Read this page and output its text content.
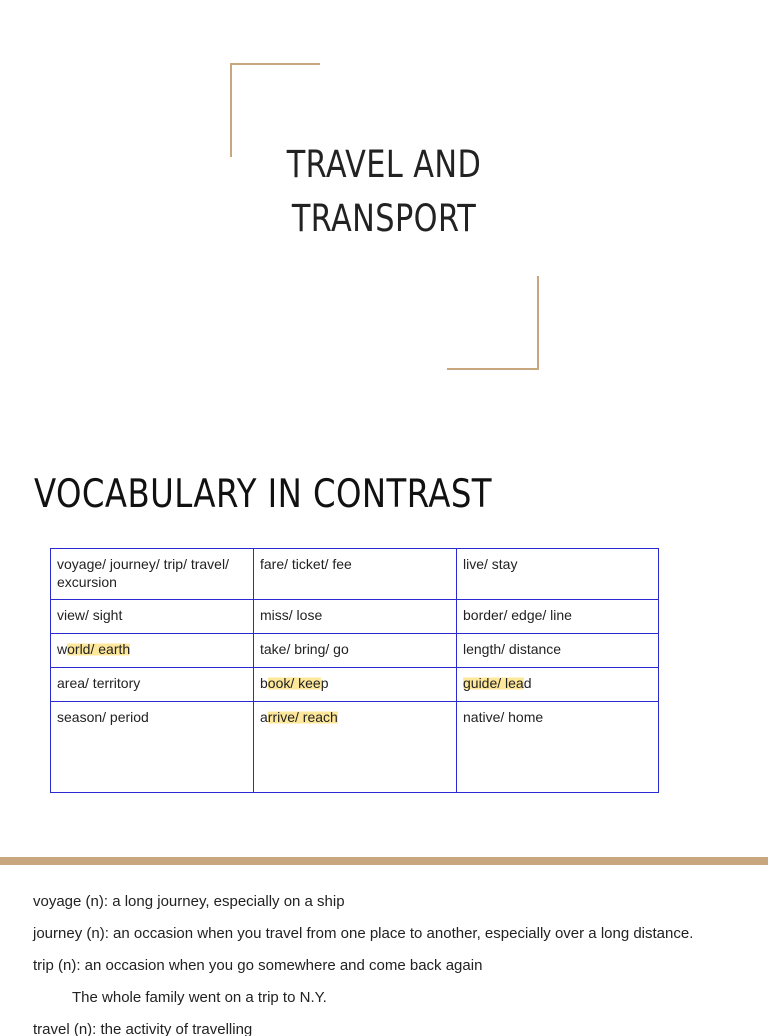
TRAVEL AND
TRANSPORT
VOCABULARY IN CONTRAST
voyage/ journey/ trip/ travel/ excursion	fare/ ticket/ fee	live/ stay
view/ sight	miss/ lose	border/ edge/ line
world/ earth	take/ bring/ go	length/ distance
area/ territory	book/ keep	guide/ lead
season/ period	arrive/ reach	native/ home
voyage (n): a long journey, especially on a ship
journey (n): an occasion when you travel from one place to another, especially over a long distance.
trip (n): an occasion when you go somewhere and come back again
The whole family went on a trip to N.Y.
travel (n): the activity of travelling
